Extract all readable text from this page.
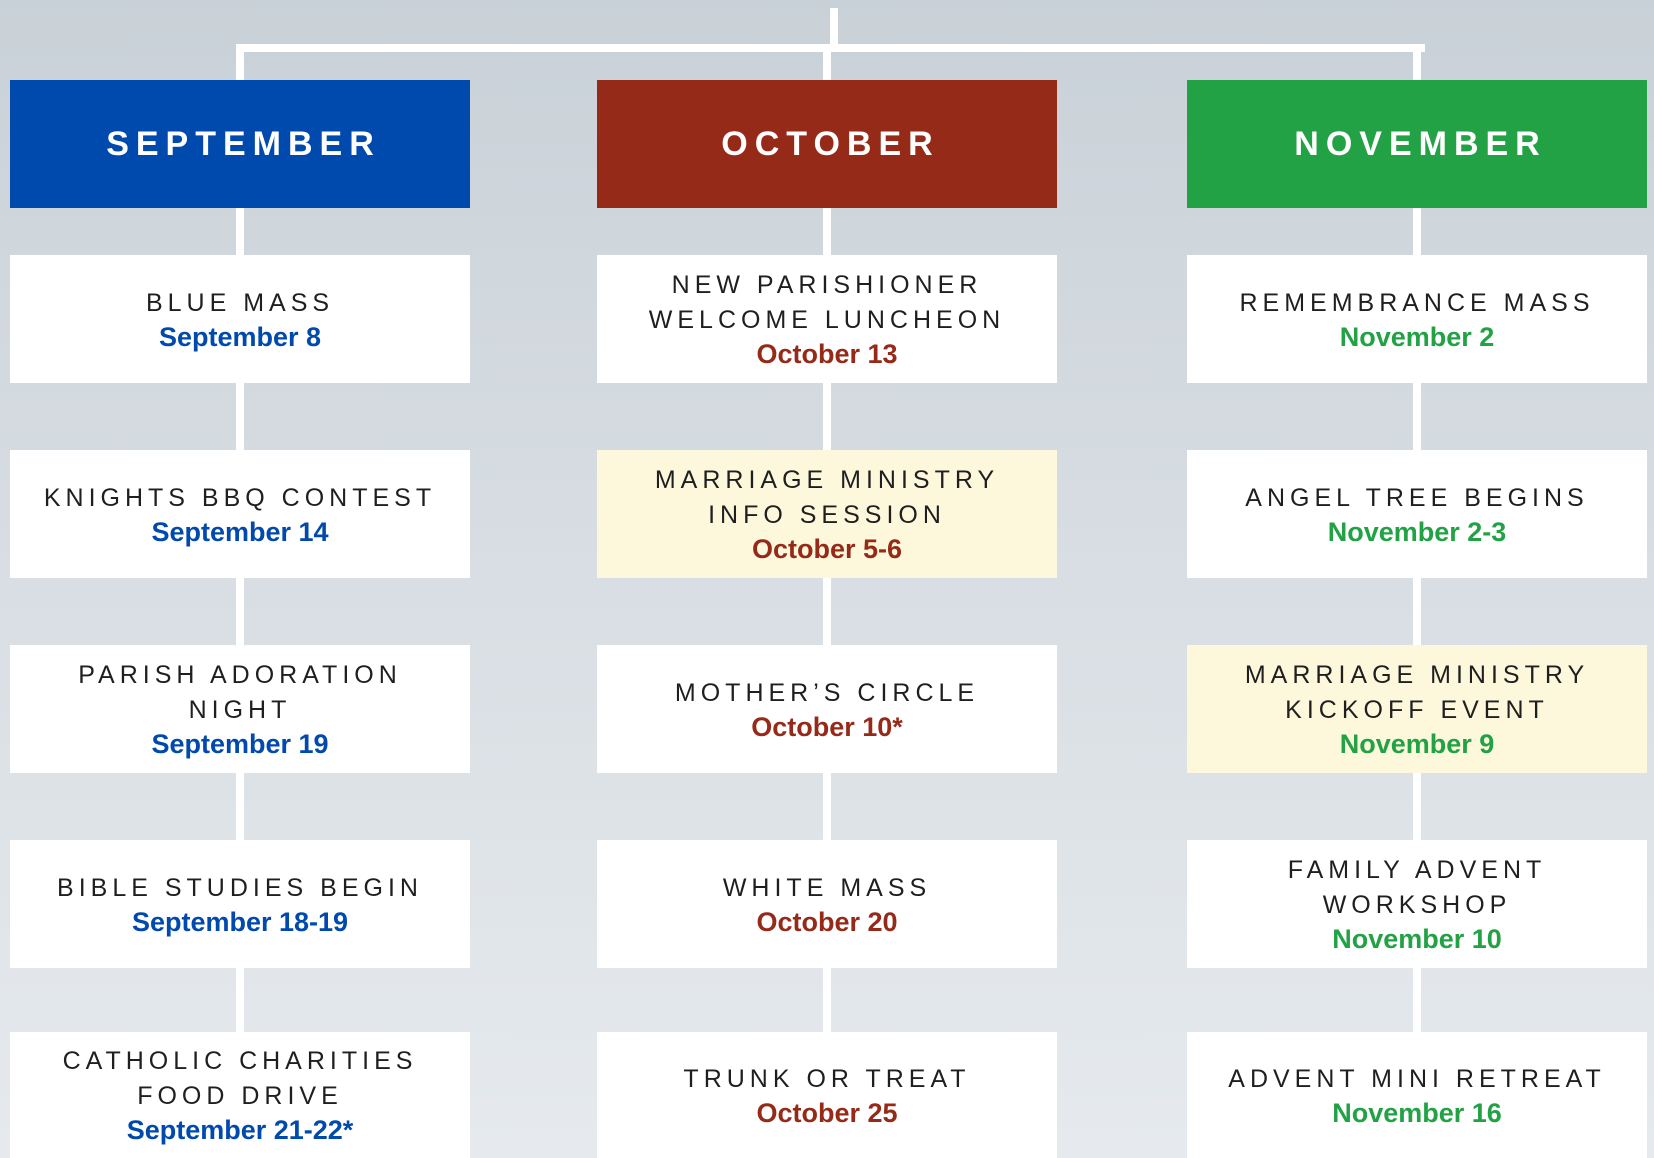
SEPTEMBER
BLUE MASS
September 8
KNIGHTS BBQ CONTEST
September 14
PARISH ADORATION
NIGHT
September 19
BIBLE STUDIES BEGIN
September 18-19
CATHOLIC CHARITIES
FOOD DRIVE
September 21-22*
OCTOBER
NEW PARISHIONER
WELCOME LUNCHEON
October 13
MARRIAGE MINISTRY
INFO SESSION
October 5-6
MOTHER’S CIRCLE
October 10*
WHITE MASS
October 20
TRUNK OR TREAT
October 25
NOVEMBER
REMEMBRANCE MASS
November 2
ANGEL TREE BEGINS
November 2-3
MARRIAGE MINISTRY
KICKOFF EVENT
November 9
FAMILY ADVENT
WORKSHOP
November 10
ADVENT MINI RETREAT
November 16
